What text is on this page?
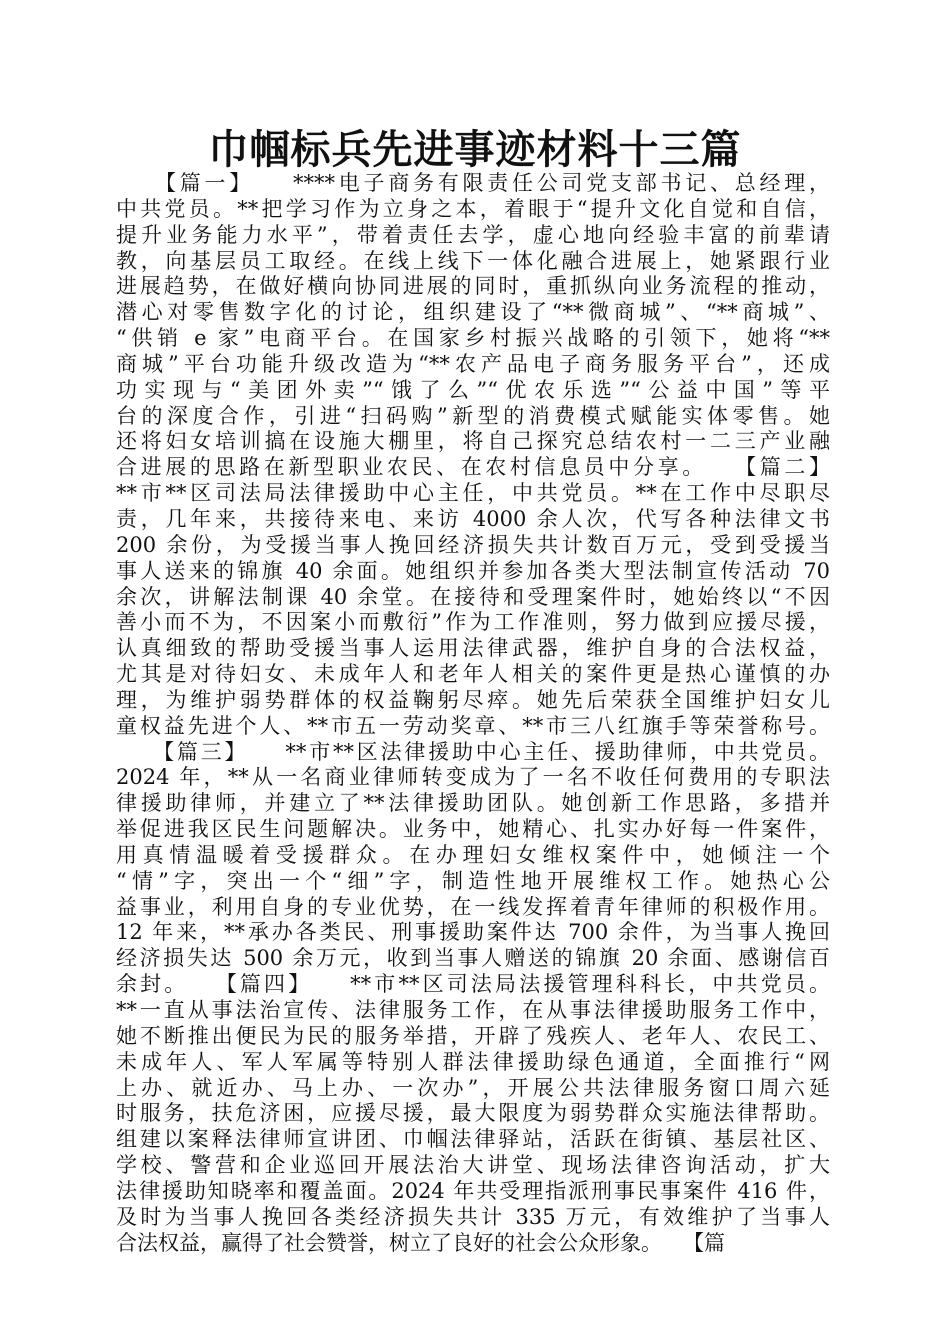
巾帼标兵先进事迹材料十三篇
　　【篇一】　　****电子商务有限责任公司党支部书记、总经理，
中共党员。**把学习作为立身之本，着眼于“提升文化自觉和自信，
提升业务能力水平”，带着责任去学，虚心地向经验丰富的前辈请
教，向基层员工取经。在线上线下一体化融合进展上，她紧跟行业
进展趋势，在做好横向协同进展的同时，重抓纵向业务流程的推动，
潜心对零售数字化的讨论，组织建设了“**微商城”、“**商城”、
“供销 e 家”电商平台。在国家乡村振兴战略的引领下，她将“**
商城”平台功能升级改造为“**农产品电子商务服务平台”，还成
功实现与“美团外卖”“饿了么”“优农乐选”“公益中国”等平
台的深度合作，引进“扫码购”新型的消费模式赋能实体零售。她
还将妇女培训搞在设施大棚里，将自己探究总结农村一二三产业融
合进展的思路在新型职业农民、在农村信息员中分享。　　【篇二】
**市**区司法局法律援助中心主任，中共党员。**在工作中尽职尽
责，几年来，共接待来电、来访 4000 余人次，代写各种法律文书
200 余份，为受援当事人挽回经济损失共计数百万元，受到受援当
事人送来的锦旗 40 余面。她组织并参加各类大型法制宣传活动 70
余次，讲解法制课 40 余堂。在接待和受理案件时，她始终以“不因
善小而不为，不因案小而敷衍”作为工作准则，努力做到应援尽援，
认真细致的帮助受援当事人运用法律武器，维护自身的合法权益，
尤其是对待妇女、未成年人和老年人相关的案件更是热心谨慎的办
理，为维护弱势群体的权益鞠躬尽瘁。她先后荣获全国维护妇女儿
童权益先进个人、**市五一劳动奖章、**市三八红旗手等荣誉称号。
　　【篇三】　　**市**区法律援助中心主任、援助律师，中共党员。
2024 年，**从一名商业律师转变成为了一名不收任何费用的专职法
律援助律师，并建立了**法律援助团队。她创新工作思路，多措并
举促进我区民生问题解决。业务中，她精心、扎实办好每一件案件，
用真情温暖着受援群众。在办理妇女维权案件中，她倾注一个
“情”字，突出一个“细”字，制造性地开展维权工作。她热心公
益事业，利用自身的专业优势，在一线发挥着青年律师的积极作用。
12 年来，**承办各类民、刑事援助案件达 700 余件，为当事人挽回
经济损失达 500 余万元，收到当事人赠送的锦旗 20 余面、感谢信百
余封。　　【篇四】　　**市**区司法局法援管理科科长，中共党员。
**一直从事法治宣传、法律服务工作，在从事法律援助服务工作中，
她不断推出便民为民的服务举措，开辟了残疾人、老年人、农民工、
未成年人、军人军属等特别人群法律援助绿色通道，全面推行“网
上办、就近办、马上办、一次办”，开展公共法律服务窗口周六延
时服务，扶危济困，应援尽援，最大限度为弱势群众实施法律帮助。
组建以案释法律师宣讲团、巾帼法律驿站，活跃在街镇、基层社区、
学校、警营和企业巡回开展法治大讲堂、现场法律咨询活动，扩大
法律援助知晓率和覆盖面。2024 年共受理指派刑事民事案件 416 件，
及时为当事人挽回各类经济损失共计 335 万元，有效维护了当事人
合法权益，赢得了社会赞誉，树立了良好的社会公众形象。　　【篇
